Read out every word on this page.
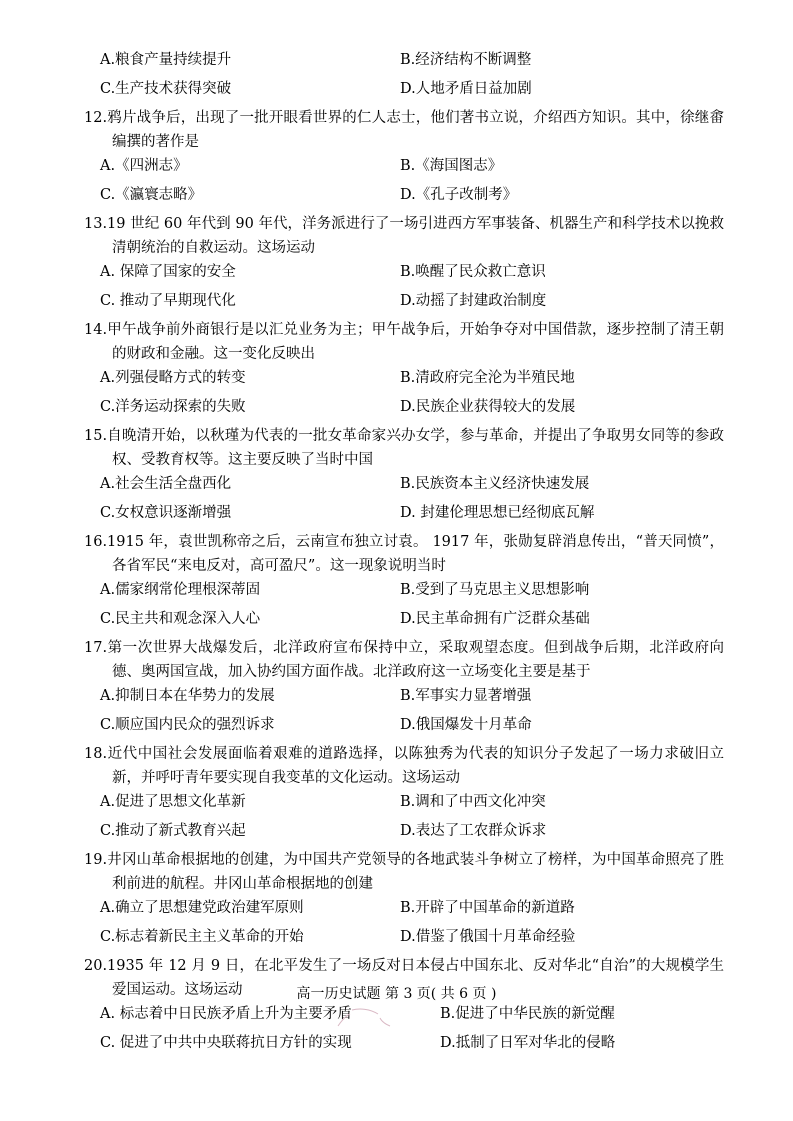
A.粮食产量持续提升	B.经济结构不断调整
C.生产技术获得突破	D.人地矛盾日益加剧
12.鸦片战争后，出现了一批开眼看世界的仁人志士，他们著书立说，介绍西方知识。其中，徐继畬编撰的著作是
A.《四洲志》	B.《海国图志》
C.《瀛寰志略》	D.《孔子改制考》
13.19 世纪 60 年代到 90 年代，洋务派进行了一场引进西方军事装备、机器生产和科学技术以挽救清朝统治的自救运动。这场运动
A. 保障了国家的安全	B.唤醒了民众救亡意识
C. 推动了早期现代化	D.动摇了封建政治制度
14.甲午战争前外商银行是以汇兑业务为主；甲午战争后，开始争夺对中国借款，逐步控制了清王朝的财政和金融。这一变化反映出
A.列强侵略方式的转变	B.清政府完全沦为半殖民地
C.洋务运动探索的失败	D.民族企业获得较大的发展
15.自晚清开始，以秋瑾为代表的一批女革命家兴办女学，参与革命，并提出了争取男女同等的参政权、受教育权等。这主要反映了当时中国
A.社会生活全盘西化	B.民族资本主义经济快速发展
C.女权意识逐渐增强	D. 封建伦理思想已经彻底瓦解
16.1915 年，袁世凯称帝之后，云南宣布独立讨袁。 1917 年，张勋复辟消息传出，“普天同愤”，各省军民“来电反对，高可盈尺”。这一现象说明当时
A.儒家纲常伦理根深蒂固	B.受到了马克思主义思想影响
C.民主共和观念深入人心	D.民主革命拥有广泛群众基础
17.第一次世界大战爆发后，北洋政府宣布保持中立，采取观望态度。但到战争后期，北洋政府向德、奥两国宣战，加入协约国方面作战。北洋政府这一立场变化主要是基于
A.抑制日本在华势力的发展	B.军事实力显著增强
C.顺应国内民众的强烈诉求	D.俄国爆发十月革命
18.近代中国社会发展面临着艰难的道路选择，以陈独秀为代表的知识分子发起了一场力求破旧立新，并呼吁青年要实现自我变革的文化运动。这场运动
A.促进了思想文化革新	B.调和了中西文化冲突
C.推动了新式教育兴起	D.表达了工农群众诉求
19.井冈山革命根据地的创建，为中国共产党领导的各地武装斗争树立了榜样，为中国革命照亮了胜利前进的航程。井冈山革命根据地的创建
A.确立了思想建党政治建军原则	B.开辟了中国革命的新道路
C.标志着新民主主义革命的开始	D.借鉴了俄国十月革命经验
20.1935 年 12 月 9 日，在北平发生了一场反对日本侵占中国东北、反对华北“自治”的大规模学生爱国运动。这场运动
A. 标志着中日民族矛盾上升为主要矛盾	B.促进了中华民族的新觉醒
C. 促进了中共中央联蒋抗日方针的实现	D.抵制了日军对华北的侵略
高一历史试题 第 3 页( 共 6 页 )
